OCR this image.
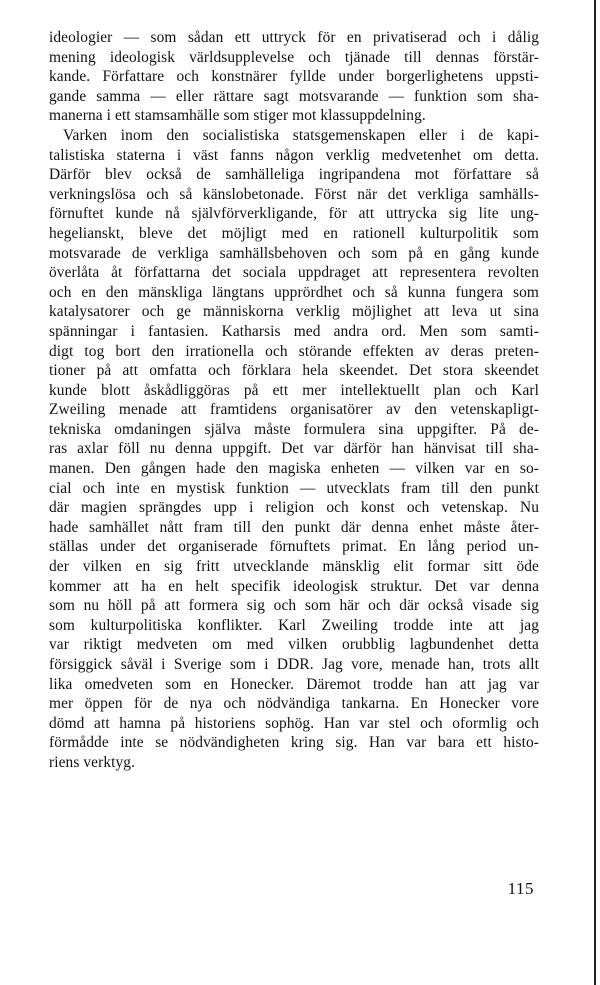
ideologier — som sådan ett uttryck för en privatiserad och i dålig
mening ideologisk världsupplevelse och tjänade till dennas förstär-
kande. Författare och konstnärer fyllde under borgerlighetens uppsti-
gande samma — eller rättare sagt motsvarande — funktion som sha-
manerna i ett stamsamhälle som stiger mot klassuppdelning.
Varken inom den socialistiska statsgemenskapen eller i de kapi-
talistiska staterna i väst fanns någon verklig medvetenhet om detta.
Därför blev också de samhälleliga ingripandena mot författare så
verkningslösa och så känslobetonade. Först när det verkliga samhälls-
förnuftet kunde nå självförverkligande, för att uttrycka sig lite ung-
hegelianskt, bleve det möjligt med en rationell kulturpolitik som
motsvarade de verkliga samhällsbehoven och som på en gång kunde
överlåta åt författarna det sociala uppdraget att representera revolten
och en den mänskliga längtans upprördhet och så kunna fungera som
katalysatorer och ge människorna verklig möjlighet att leva ut sina
spänningar i fantasien. Katharsis med andra ord. Men som samti-
digt tog bort den irrationella och störande effekten av deras preten-
tioner på att omfatta och förklara hela skeendet. Det stora skeendet
kunde blott åskådliggöras på ett mer intellektuellt plan och Karl
Zweiling menade att framtidens organisatörer av den vetenskapligt-
tekniska omdaningen själva måste formulera sina uppgifter. På de-
ras axlar föll nu denna uppgift. Det var därför han hänvisat till sha-
manen. Den gången hade den magiska enheten — vilken var en so-
cial och inte en mystisk funktion — utvecklats fram till den punkt
där magien sprängdes upp i religion och konst och vetenskap. Nu
hade samhället nått fram till den punkt där denna enhet måste åter-
ställas under det organiserade förnuftets primat. En lång period un-
der vilken en sig fritt utvecklande mänsklig elit formar sitt öde
kommer att ha en helt specifik ideologisk struktur. Det var denna
som nu höll på att formera sig och som här och där också visade sig
som kulturpolitiska konflikter. Karl Zweiling trodde inte att jag
var riktigt medveten om med vilken orubblig lagbundenhet detta
försiggick såväl i Sverige som i DDR. Jag vore, menade han, trots allt
lika omedveten som en Honecker. Däremot trodde han att jag var
mer öppen för de nya och nödvändiga tankarna. En Honecker vore
dömd att hamna på historiens sophög. Han var stel och oformlig och
förmådde inte se nödvändigheten kring sig. Han var bara ett histo-
riens verktyg.
115
